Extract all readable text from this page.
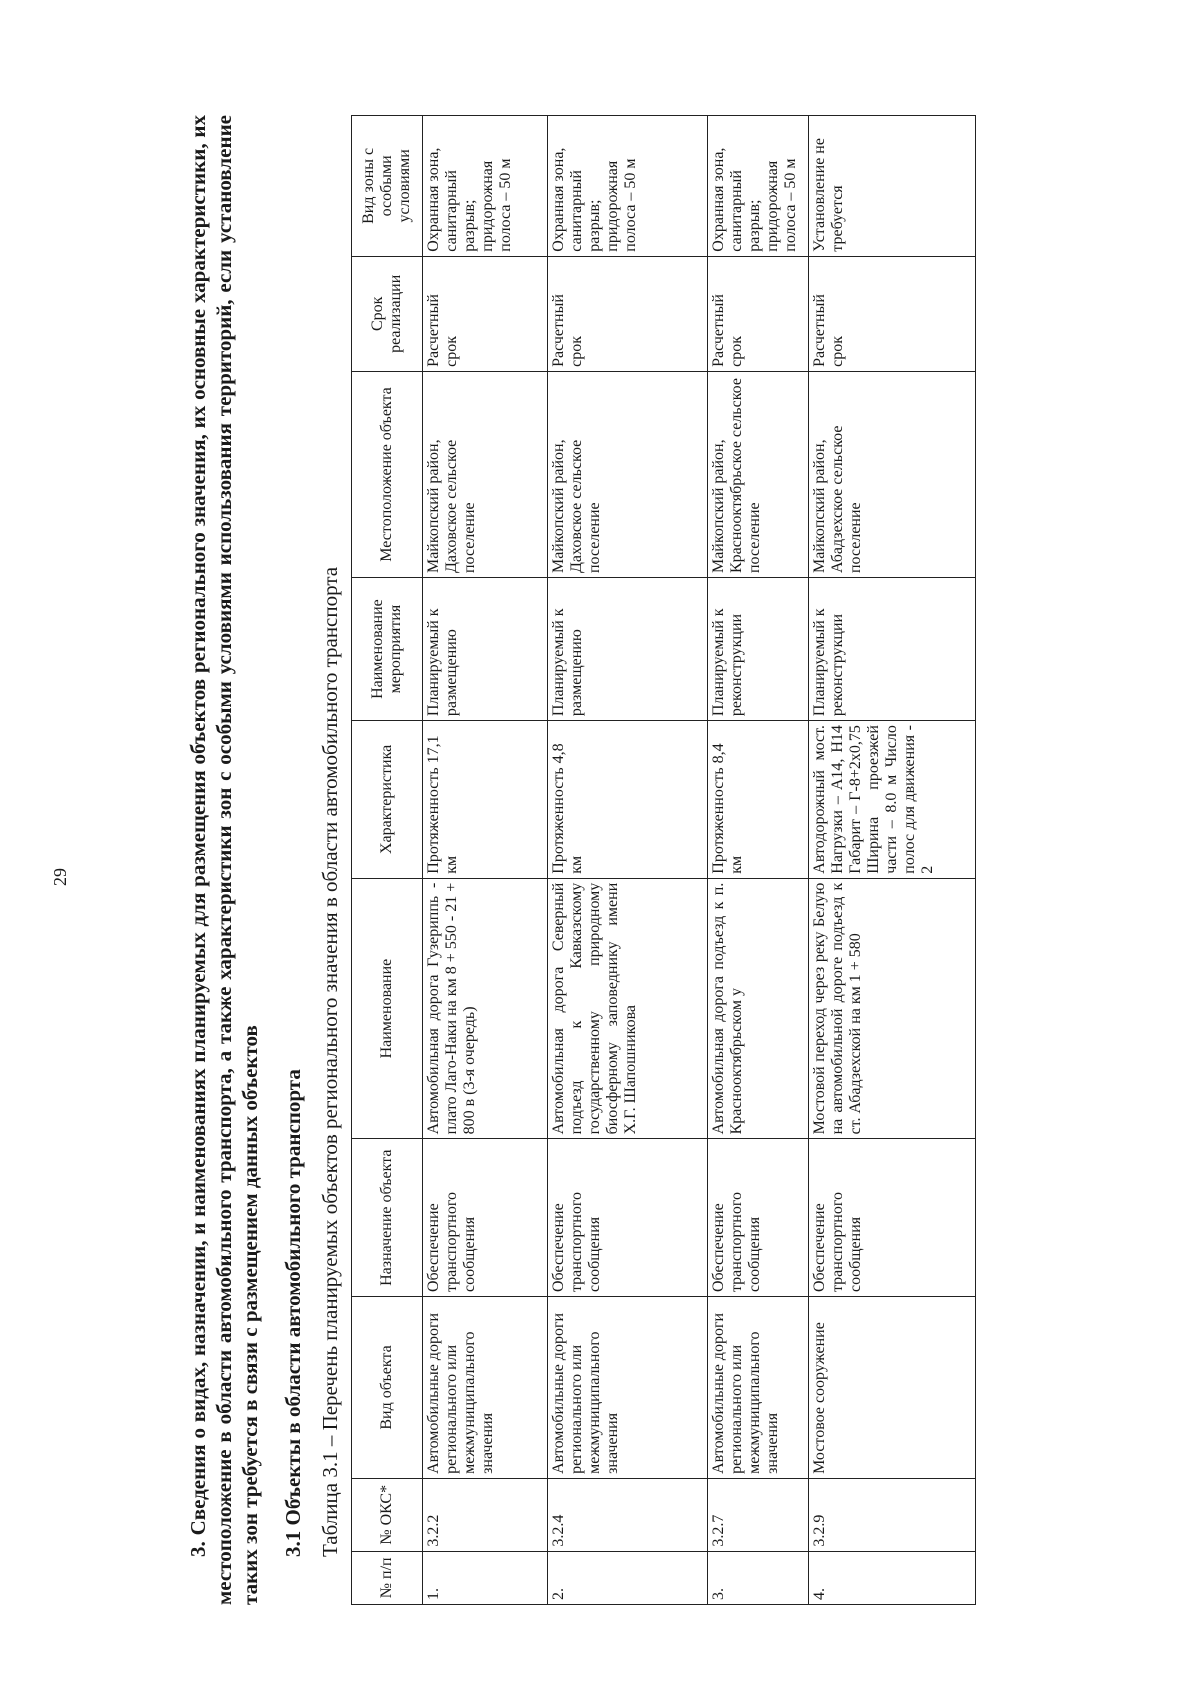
29	3. Сведения о видах, назначении, и наименованиях планируемых для размещения объектов регионального значения, их основные характеристики, их местоположение в области автомобильного транспорта, а также характеристики зон с особыми условиями использования территорий, если установление таких зон требуется в связи с размещением данных объектов 3.1 Объекты в области автомобильного транспорта Таблица 3.1 – Перечень планируемых объектов регионального значения в области автомобильного транспорта

№ п/п	№ ОКС*	Вид объекта	Назначение объекта	Наименование	Характеристика	Наименование мероприятия	Местоположение объекта	Срок реализации	Вид зоны с особыми условиями
1.	3.2.2	Автомобильные дороги регионального или межмуниципального значения	Обеспечение транспортного сообщения	Автомобильная дорога Гузериппь - плато Лаго-Наки на км 8 + 550 - 21 + 800 в (3-я очередь)	Протяженность 17,1 км	Планируемый к размещению	Майкопский район, Даховское сельское поселение	Расчетный срок	Охранная зона, санитарный разрыв; придорожная полоса – 50 м
2.	3.2.4	Автомобильные дороги регионального или межмуниципального значения	Обеспечение транспортного сообщения	Автомобильная дорога Северный подъезд к Кавказскому государственному природному биосферному заповеднику имени Х.Г. Шапошникова	Протяженность 4,8 км	Планируемый к размещению	Майкопский район, Даховское сельское поселение	Расчетный срок	Охранная зона, санитарный разрыв; придорожная полоса – 50 м
3.	3.2.7	Автомобильные дороги регионального или межмуниципального значения	Обеспечение транспортного сообщения	Автомобильная дорога подъезд к п. Краснооктябрьском у	Протяженность 8,4 км	Планируемый к реконструкции	Майкопский район, Краснооктябрьское сельское поселение	Расчетный срок	Охранная зона, санитарный разрыв; придорожная полоса – 50 м
4.	3.2.9	Мостовое сооружение	Обеспечение транспортного сообщения	Мостовой переход через реку Белую на автомобильной дороге подъезд к ст. Абадзехской на км 1 + 580	Автодорожный мост. Нагрузки – А14, Н14 Габарит – Г-8+2х0,75 Ширина проезжей части – 8.0 м Число полос для движения - 2	Планируемый к реконструкции	Майкопский район, Абадзехское сельское поселение	Расчетный срок	Установление не требуется
